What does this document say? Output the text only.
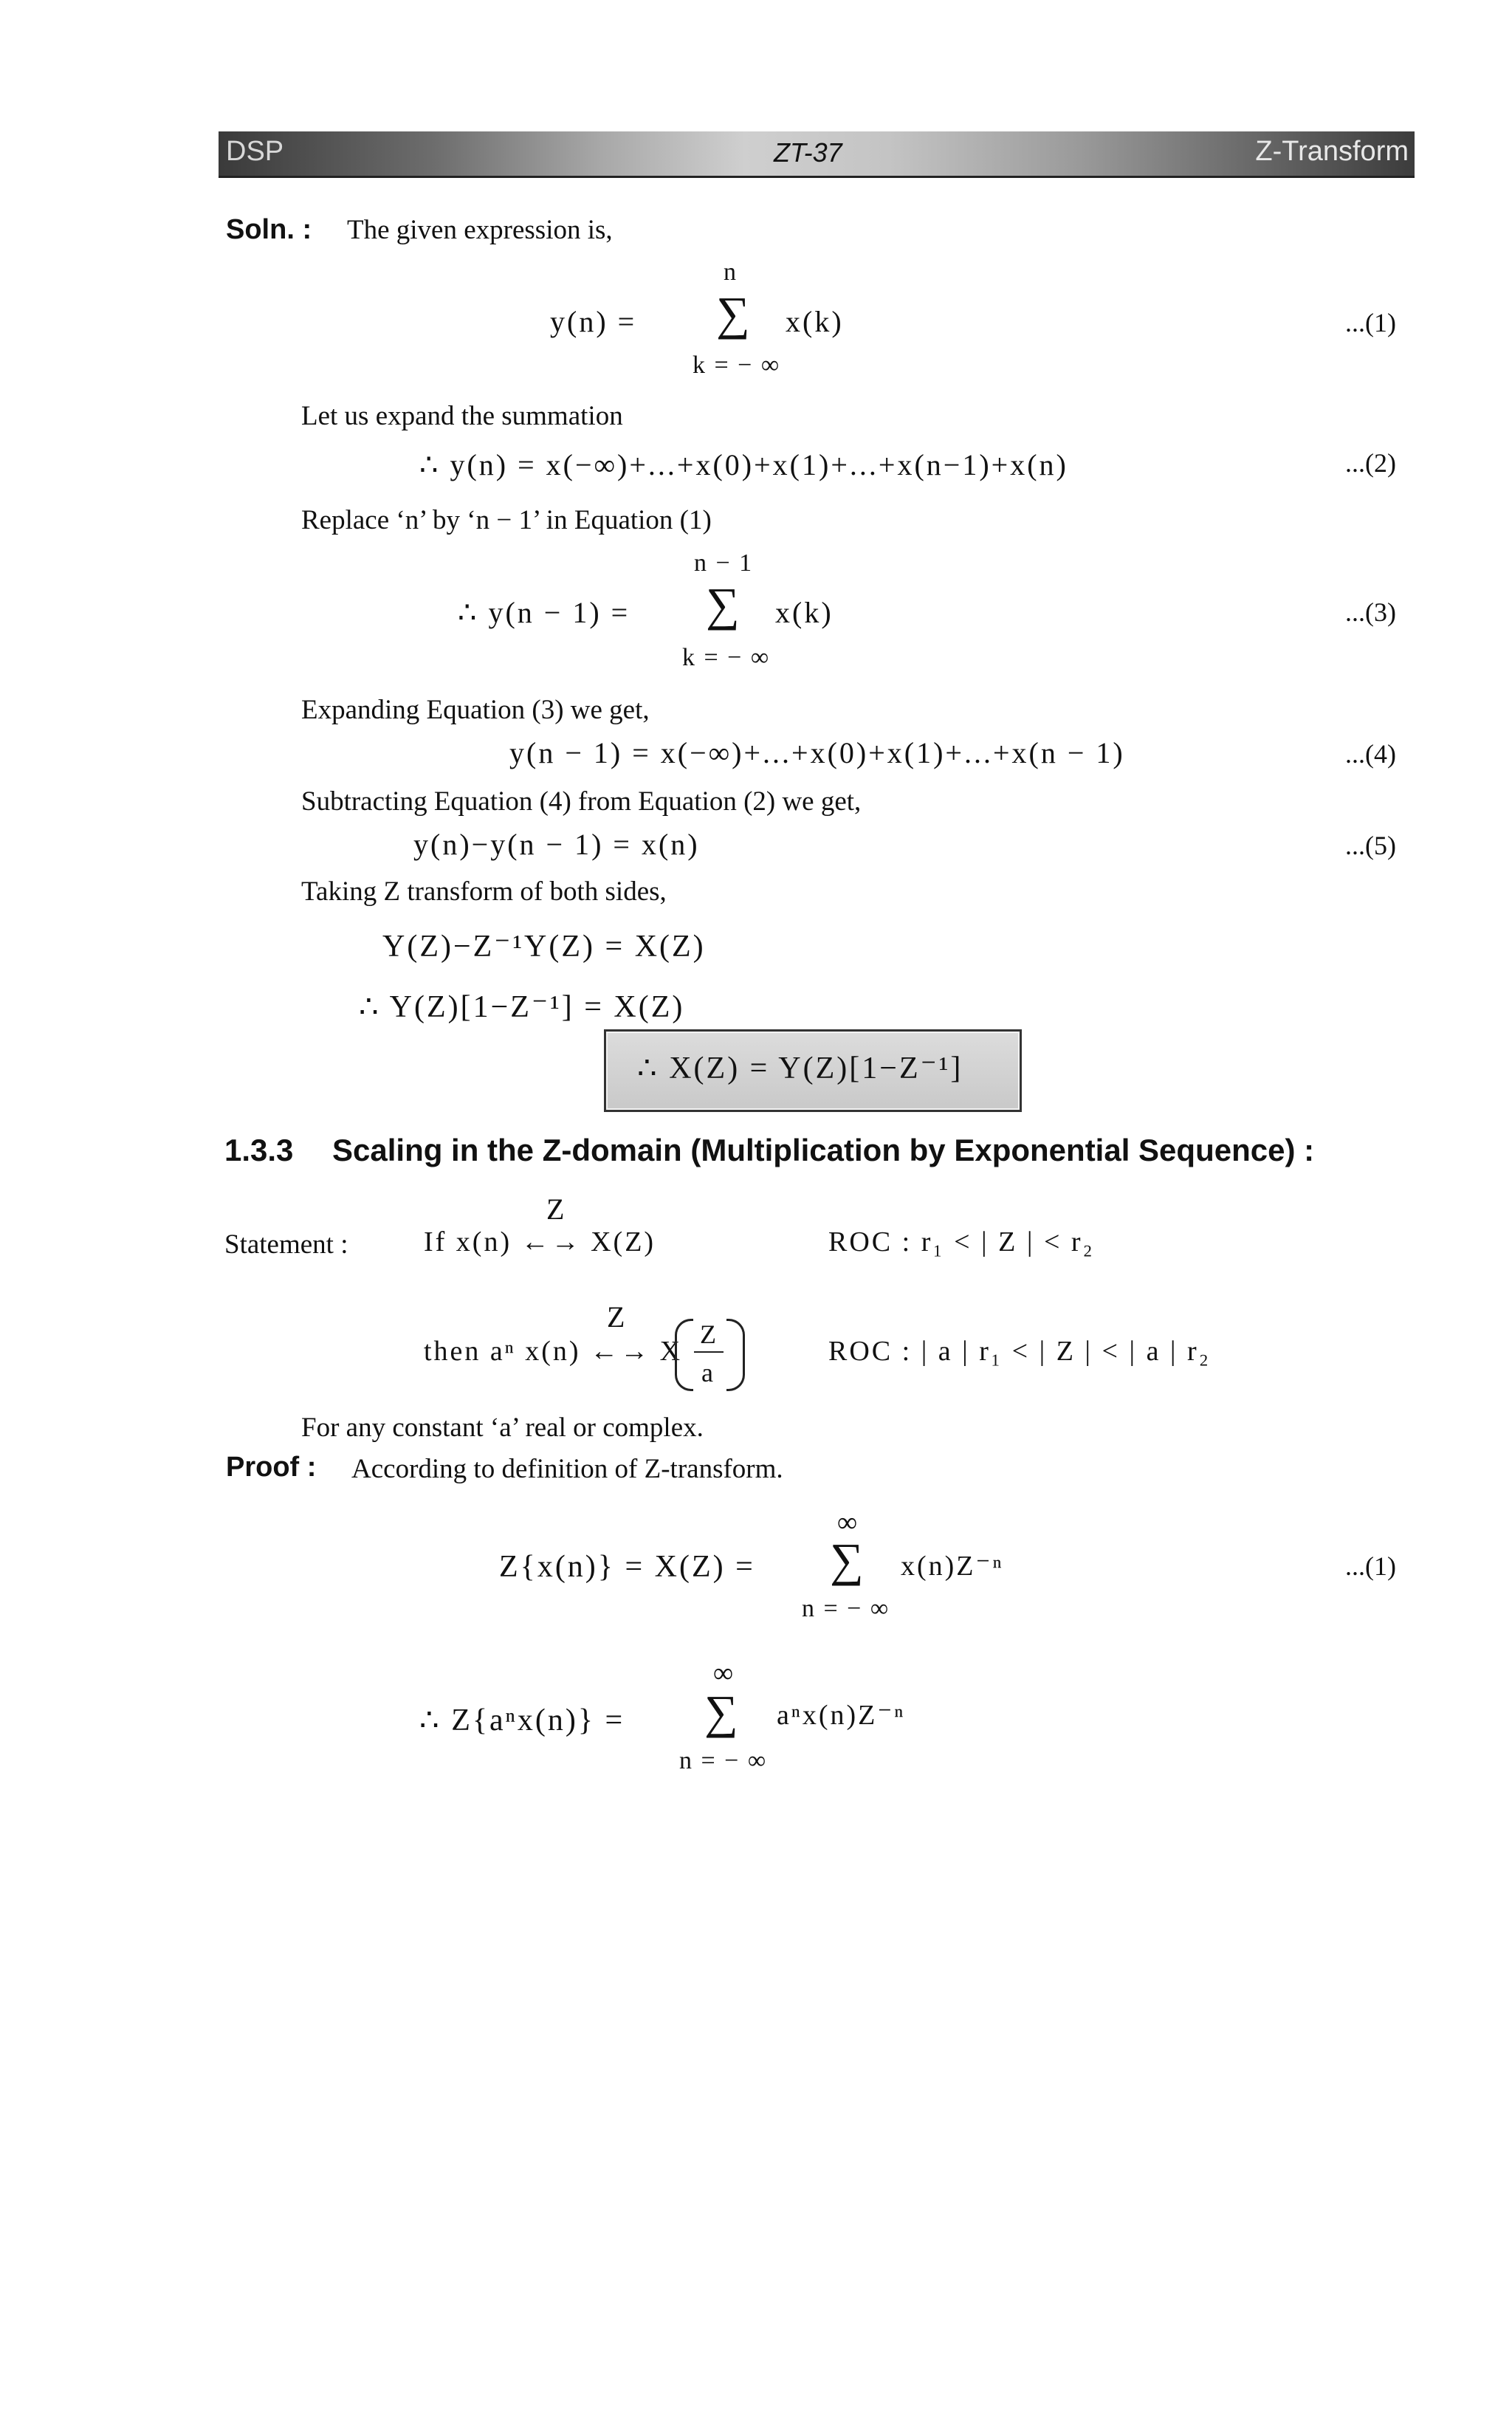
DSP	ZT-37	Z-Transform
Soln. : The given expression is,
n
y(n) = ∑ x(k)
k = − ∞
...(1)
Let us expand the summation
∴ y(n) = x(−∞)+...+x(0)+x(1)+...+x(n−1)+x(n)	...(2)
Replace ‘n’ by ‘n − 1’ in Equation (1)
n − 1
∴ y(n − 1) = ∑ x(k)
k = − ∞
...(3)
Expanding Equation (3) we get,
y(n − 1) = x(−∞)+...+x(0)+x(1)+...+x(n − 1)	...(4)
Subtracting Equation (4) from Equation (2) we get,
y(n)−y(n − 1) = x(n)	...(5)
Taking Z transform of both sides,
Y(Z)−Z⁻¹Y(Z) = X(Z)
∴ Y(Z)[1−Z⁻¹] = X(Z)
∴ X(Z) = Y(Z)[1−Z⁻¹]
1.3.3 Scaling in the Z-domain (Multiplication by Exponential Sequence) :
Z
Statement :	If x(n) ←→ X(Z)	ROC : r₁ < | Z | < r₂
Z
then aⁿ x(n) ←→ X
Z
a
ROC : | a | r₁ < | Z | < | a | r₂
For any constant ‘a’ real or complex.
Proof : According to definition of Z-transform.
∞
Z{x(n)} = X(Z) = ∑ x(n)Z⁻ⁿ
n = − ∞
...(1)
∞
∴ Z{aⁿx(n)} = ∑ aⁿx(n)Z⁻ⁿ
n = − ∞
